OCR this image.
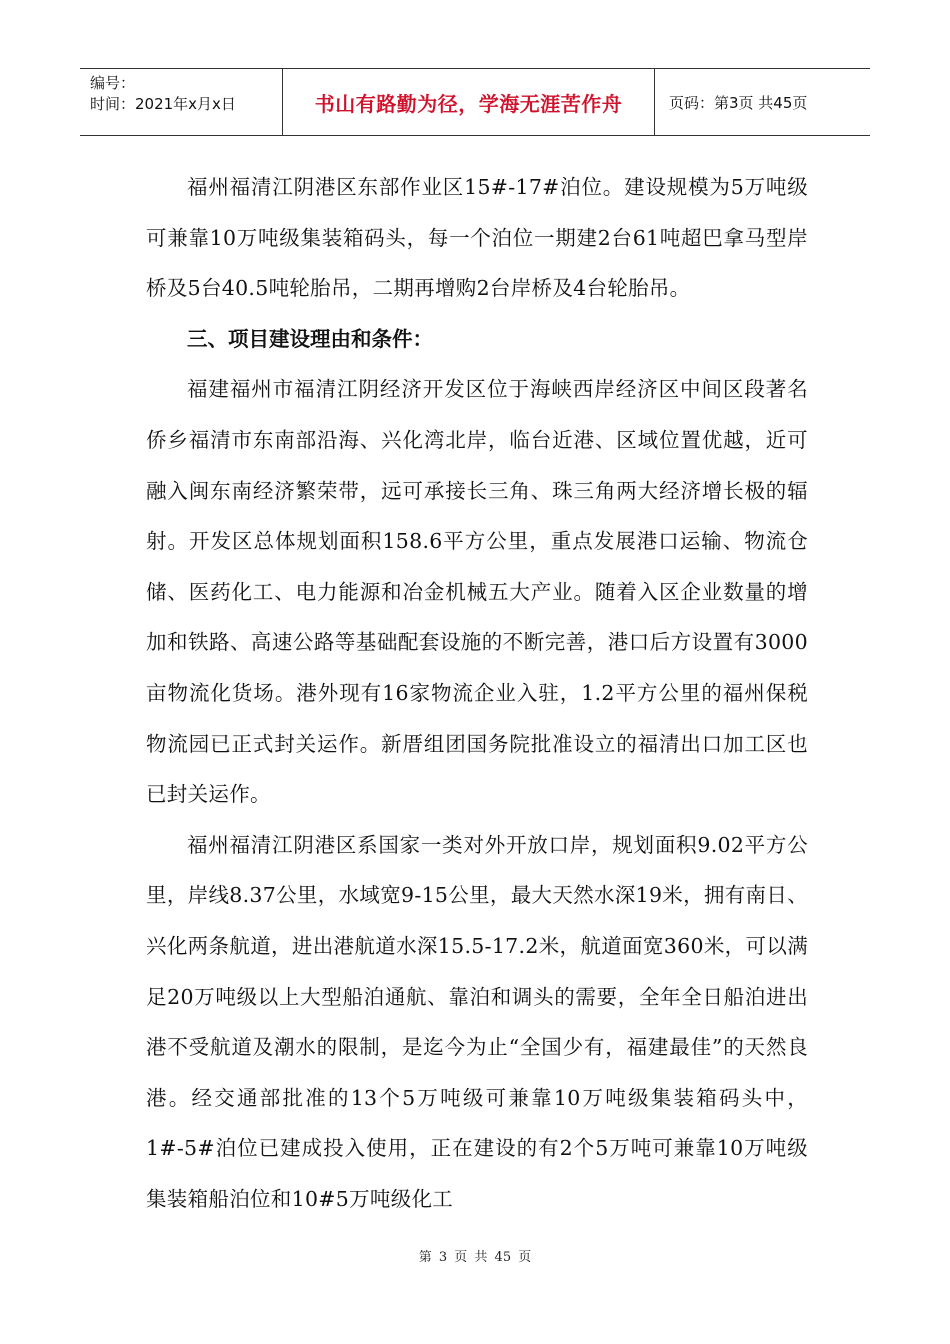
编号：
时间：2021年x月x日	书山有路勤为径，学海无涯苦作舟	页码：第3页 共45页

福州福清江阴港区东部作业区15#-17#泊位。建设规模为5万吨级可兼靠10万吨级集装箱码头，每一个泊位一期建2台61吨超巴拿马型岸桥及5台40.5吨轮胎吊，二期再增购2台岸桥及4台轮胎吊。

三、项目建设理由和条件：

福建福州市福清江阴经济开发区位于海峡西岸经济区中间区段著名侨乡福清市东南部沿海、兴化湾北岸，临台近港、区域位置优越，近可融入闽东南经济繁荣带，远可承接长三角、珠三角两大经济增长极的辐射。开发区总体规划面积158.6平方公里，重点发展港口运输、物流仓储、医药化工、电力能源和冶金机械五大产业。随着入区企业数量的增加和铁路、高速公路等基础配套设施的不断完善，港口后方设置有3000亩物流化货场。港外现有16家物流企业入驻，1.2平方公里的福州保税物流园已正式封关运作。新厝组团国务院批准设立的福清出口加工区也已封关运作。

福州福清江阴港区系国家一类对外开放口岸，规划面积9.02平方公里，岸线8.37公里，水域宽9-15公里，最大天然水深19米，拥有南日、兴化两条航道，进出港航道水深15.5-17.2米，航道面宽360米，可以满足20万吨级以上大型船泊通航、靠泊和调头的需要，全年全日船泊进出港不受航道及潮水的限制，是迄今为止“全国少有，福建最佳”的天然良港。经交通部批准的13个5万吨级可兼靠10万吨级集装箱码头中，1#-5#泊位已建成投入使用，正在建设的有2个5万吨可兼靠10万吨级集装箱船泊位和10#5万吨级化工

第 3 页 共 45 页
